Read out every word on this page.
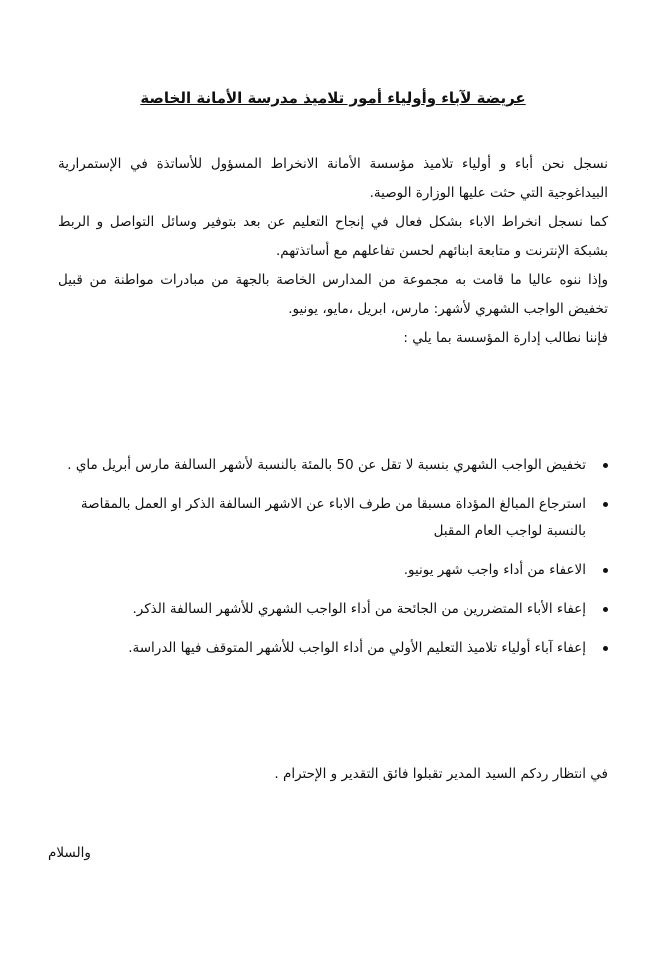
عريضة لآباء وأولياء أمور تلاميذ مدرسة الأمانة الخاصة

نسجل نحن أباء و أولياء تلاميذ مؤسسة الأمانة الانخراط المسؤول للأساتذة في الإستمرارية البيداغوجية التي حثت عليها الوزارة الوصية.

كما نسجل انخراط الاباء بشكل فعال في إنجاح التعليم عن بعد بتوفير وسائل التواصل و الربط بشبكة الإنترنت و متابعة ابنائهم لحسن تفاعلهم مع أساتذتهم.

وإذا ننوه عاليا ما قامت به مجموعة من المدارس الخاصة بالجهة من مبادرات مواطنة من قبيل تخفيض الواجب الشهري لأشهر: مارس، ابريل ،مايو، يونيو.

فإننا نطالب إدارة المؤسسة بما يلي :

تخفيض الواجب الشهري بنسبة لا تقل عن 50 بالمئة بالنسبة لأشهر السالفة مارس أبريل ماي .
استرجاع المبالغ المؤداة مسبقا من طرف الاباء عن الاشهر السالفة الذكر او العمل بالمقاصة بالنسبة لواجب العام المقبل
الاعفاء من أداء واجب شهر يونيو.
إعفاء الأباء المتضررين من الجائحة من أداء الواجب الشهري للأشهر السالفة الذكر.
إعفاء آباء أولياء تلاميذ التعليم الأولي من أداء الواجب للأشهر المتوقف فيها الدراسة.
في انتظار ردكم السيد المدير تقبلوا فائق التقدير و الإحترام .
والسلام
